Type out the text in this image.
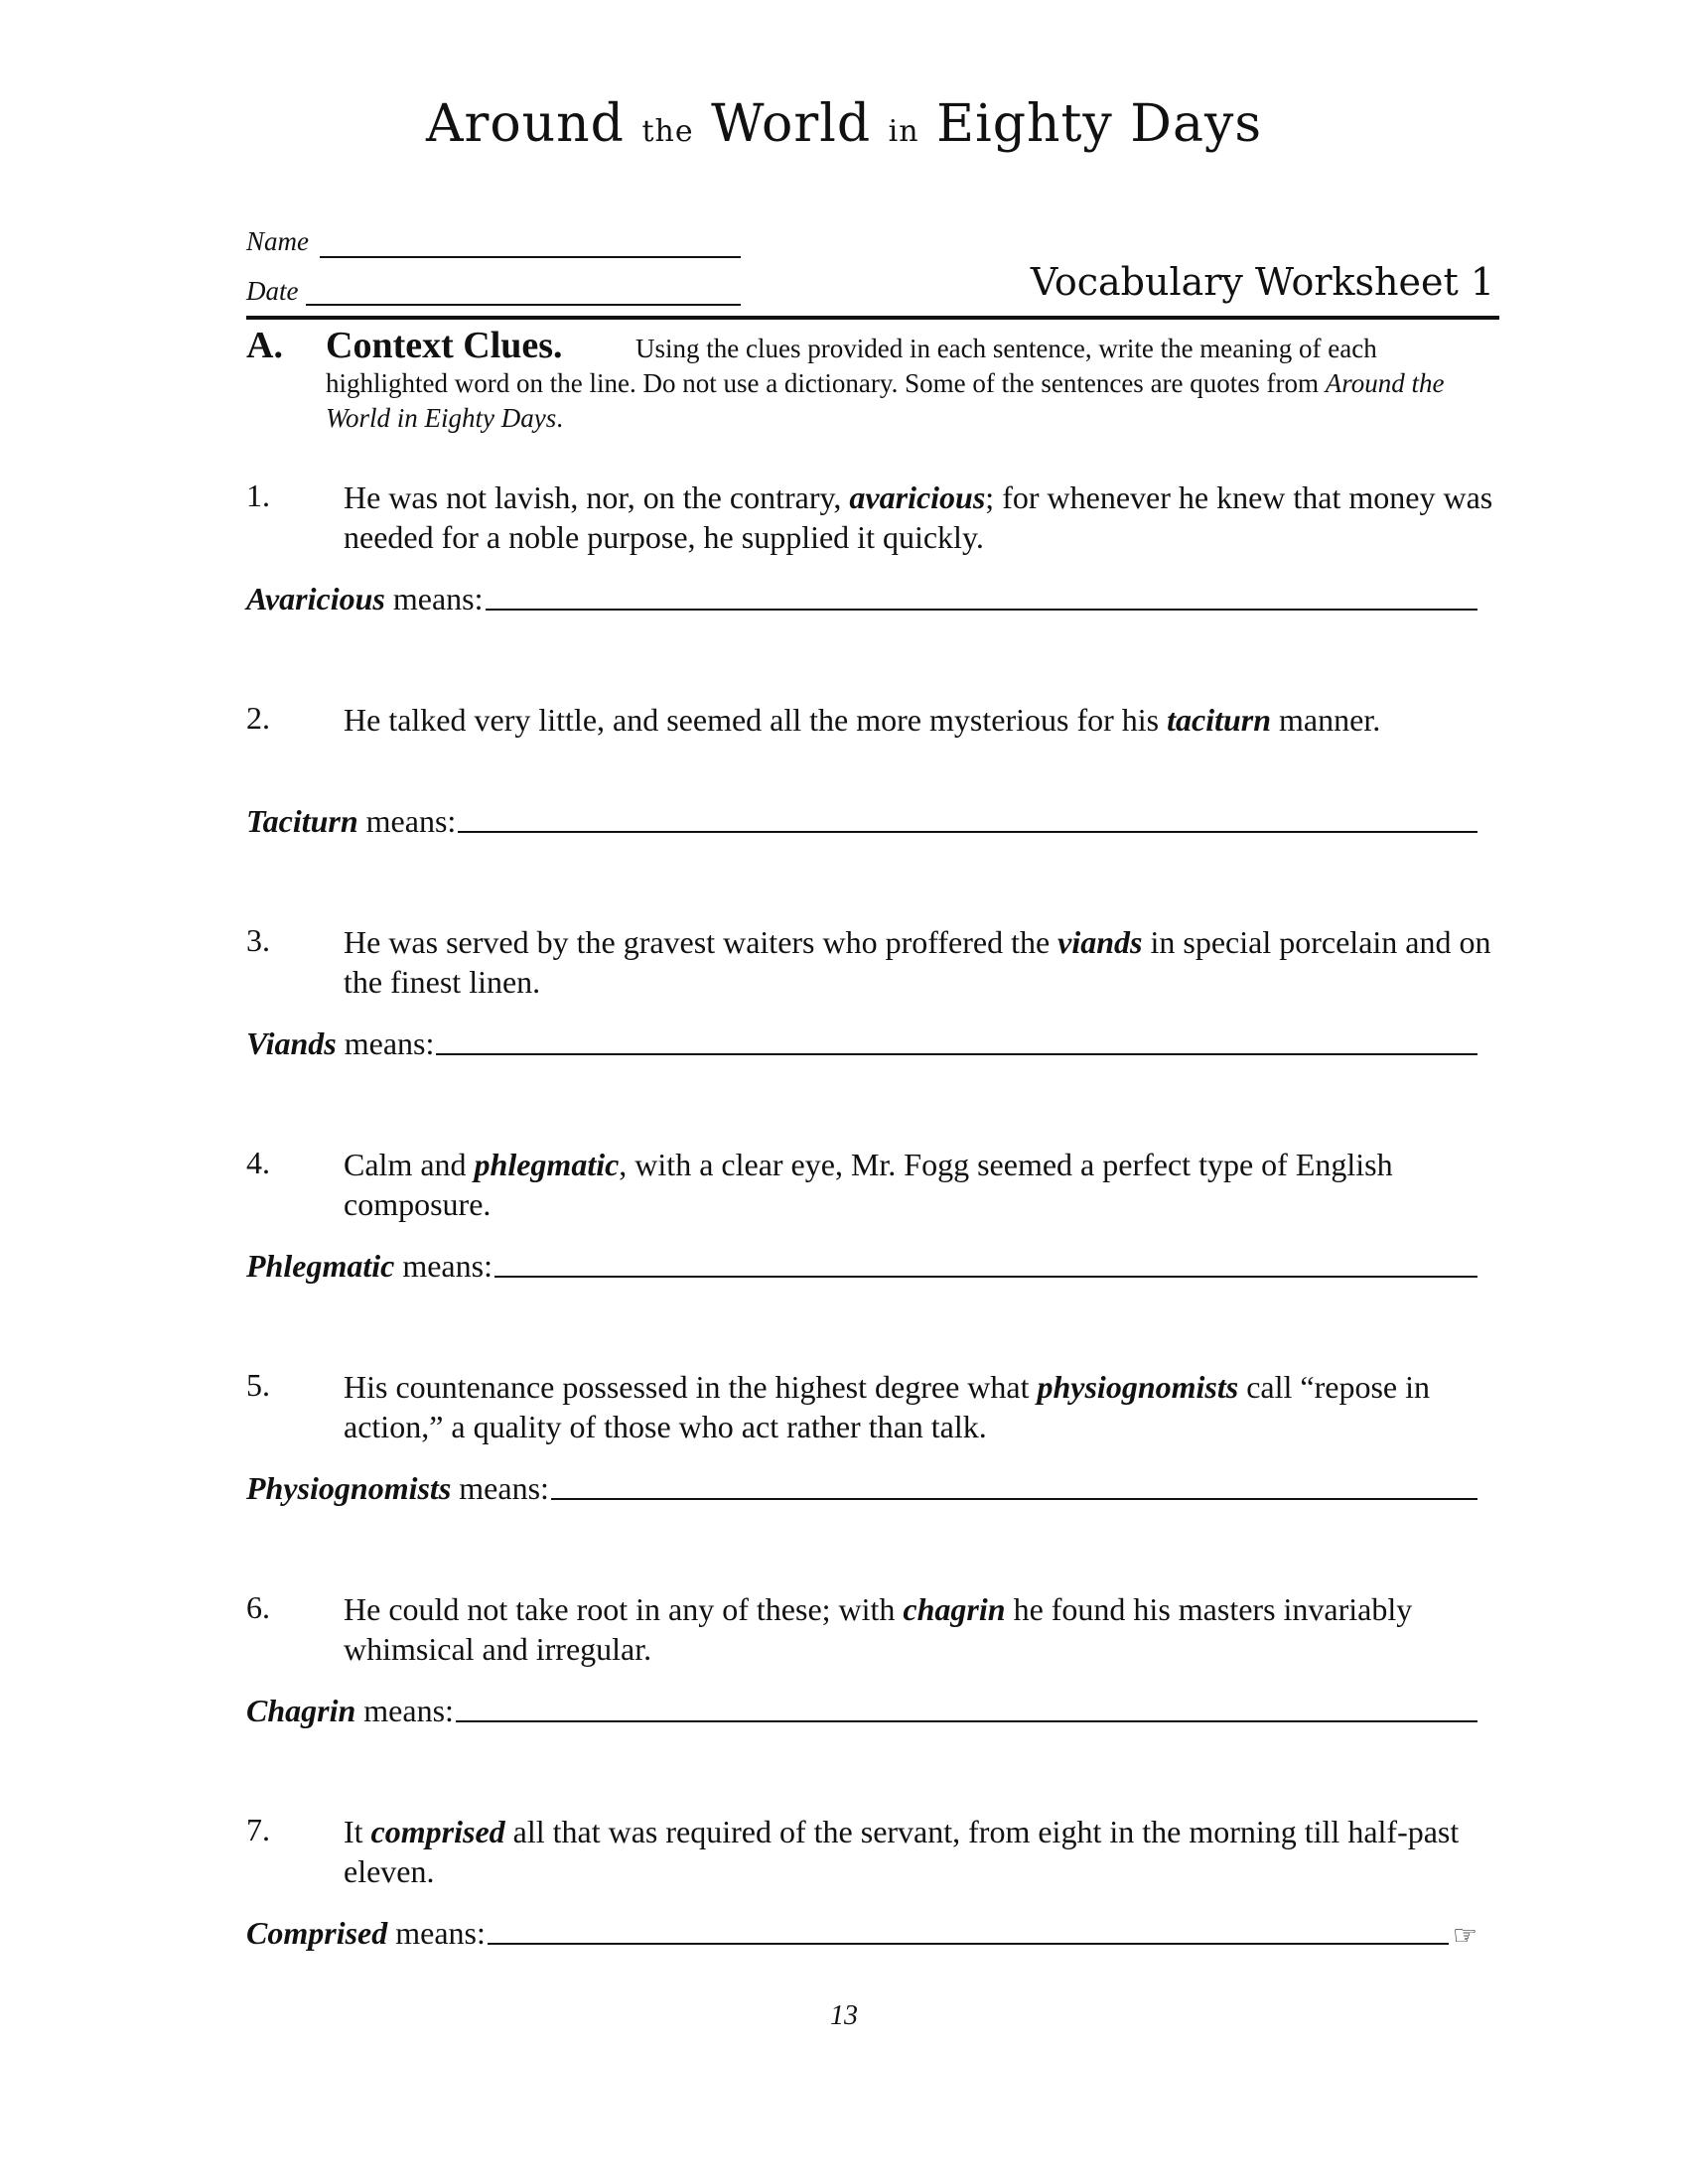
Around the World in Eighty Days
Name
Date	Vocabulary Worksheet 1
A. Context Clues.	Using the clues provided in each sentence, write the meaning of each highlighted word on the line. Do not use a dictionary. Some of the sentences are quotes from Around the World in Eighty Days.
1. He was not lavish, nor, on the contrary, avaricious; for whenever he knew that money was needed for a noble purpose, he supplied it quickly.
Avaricious means:
2. He talked very little, and seemed all the more mysterious for his taciturn manner.
Taciturn means:
3. He was served by the gravest waiters who proffered the viands in special porcelain and on the finest linen.
Viands means:
4. Calm and phlegmatic, with a clear eye, Mr. Fogg seemed a perfect type of English composure.
Phlegmatic means:
5. His countenance possessed in the highest degree what physiognomists call “repose in action,” a quality of those who act rather than talk.
Physiognomists means:
6. He could not take root in any of these; with chagrin he found his masters invariably whimsical and irregular.
Chagrin means:
7. It comprised all that was required of the servant, from eight in the morning till half-past eleven.
Comprised means:	☞
13
